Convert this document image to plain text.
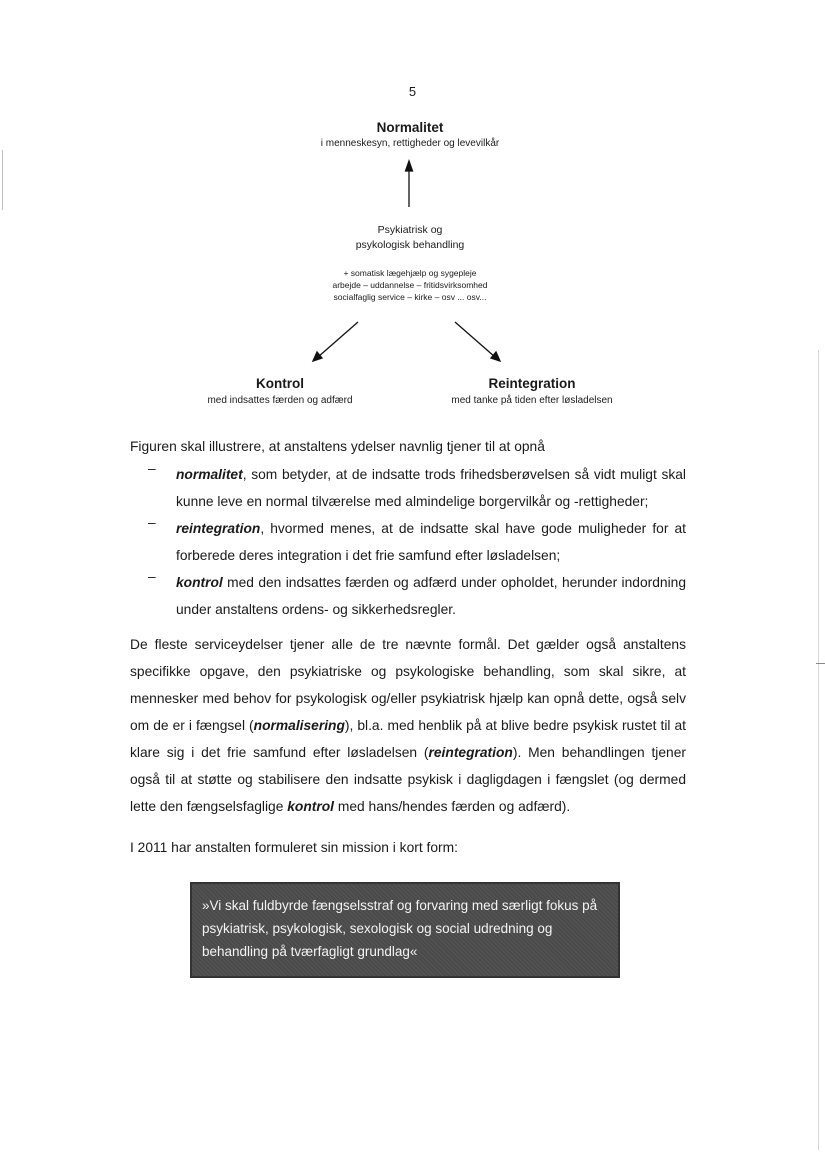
5
Normalitet
i menneskesyn, rettigheder og levevilkår
Psykiatrisk og
psykologisk behandling
+ somatisk lægehjælp og sygepleje
arbejde – uddannelse – fritidsvirksomhed
socialfaglig service – kirke – osv ... osv...
Kontrol
med indsattes færden og adfærd
Reintegration
med tanke på tiden efter løsladelsen
Figuren skal illustrere, at anstaltens ydelser navnlig tjener til at opnå
– normalitet, som betyder, at de indsatte trods frihedsberøvelsen så vidt muligt skal kunne leve en normal tilværelse med almindelige borgervilkår og -rettigheder;
– reintegration, hvormed menes, at de indsatte skal have gode muligheder for at forberede deres integration i det frie samfund efter løsladelsen;
– kontrol med den indsattes færden og adfærd under opholdet, herunder indordning under anstaltens ordens- og sikkerhedsregler.
De fleste serviceydelser tjener alle de tre nævnte formål. Det gælder også anstaltens specifikke opgave, den psykiatriske og psykologiske behandling, som skal sikre, at mennesker med behov for psykologisk og/eller psykiatrisk hjælp kan opnå dette, også selv om de er i fængsel (normalisering), bl.a. med henblik på at blive bedre psykisk rustet til at klare sig i det frie samfund efter løsladelsen (reintegration). Men behandlingen tjener også til at støtte og stabilisere den indsatte psykisk i dagligdagen i fængslet (og dermed lette den fængselsfaglige kontrol med hans/hendes færden og adfærd).
I 2011 har anstalten formuleret sin mission i kort form:
»Vi skal fuldbyrde fængselsstraf og forvaring med særligt fokus på psykiatrisk, psykologisk, sexologisk og social udredning og behandling på tværfagligt grundlag«
